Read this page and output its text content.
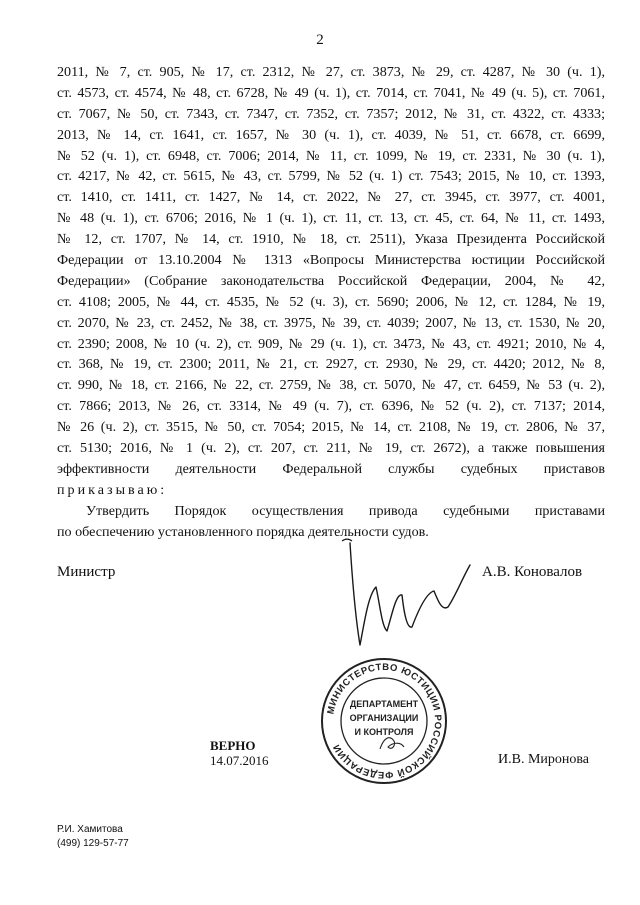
2
2011, № 7, ст. 905, № 17, ст. 2312, № 27, ст. 3873, № 29, ст. 4287, № 30 (ч. 1),
ст. 4573, ст. 4574, № 48, ст. 6728, № 49 (ч. 1), ст. 7014, ст. 7041, № 49 (ч. 5), ст. 7061,
ст. 7067, № 50, ст. 7343, ст. 7347, ст. 7352, ст. 7357; 2012, № 31, ст. 4322, ст. 4333;
2013, № 14, ст. 1641, ст. 1657, № 30 (ч. 1), ст. 4039, № 51, ст. 6678, ст. 6699,
№ 52 (ч. 1), ст. 6948, ст. 7006; 2014, № 11, ст. 1099, № 19, ст. 2331, № 30 (ч. 1),
ст. 4217, № 42, ст. 5615, № 43, ст. 5799, № 52 (ч. 1) ст. 7543; 2015, № 10, ст. 1393,
ст. 1410, ст. 1411, ст. 1427, № 14, ст. 2022, № 27, ст. 3945, ст. 3977, ст. 4001,
№ 48 (ч. 1), ст. 6706; 2016, № 1 (ч. 1), ст. 11, ст. 13, ст. 45, ст. 64, № 11, ст. 1493,
№ 12, ст. 1707, № 14, ст. 1910, № 18, ст. 2511), Указа Президента Российской
Федерации от 13.10.2004 № 1313 «Вопросы Министерства юстиции Российской
Федерации» (Собрание законодательства Российской Федерации, 2004, № 42,
ст. 4108; 2005, № 44, ст. 4535, № 52 (ч. 3), ст. 5690; 2006, № 12, ст. 1284, № 19,
ст. 2070, № 23, ст. 2452, № 38, ст. 3975, № 39, ст. 4039; 2007, № 13, ст. 1530, № 20,
ст. 2390; 2008, № 10 (ч. 2), ст. 909, № 29 (ч. 1), ст. 3473, № 43, ст. 4921; 2010, № 4,
ст. 368, № 19, ст. 2300; 2011, № 21, ст. 2927, ст. 2930, № 29, ст. 4420; 2012, № 8,
ст. 990, № 18, ст. 2166, № 22, ст. 2759, № 38, ст. 5070, № 47, ст. 6459, № 53 (ч. 2),
ст. 7866; 2013, № 26, ст. 3314, № 49 (ч. 7), ст. 6396, № 52 (ч. 2), ст. 7137; 2014,
№ 26 (ч. 2), ст. 3515, № 50, ст. 7054; 2015, № 14, ст. 2108, № 19, ст. 2806, № 37,
ст. 5130; 2016, № 1 (ч. 2), ст. 207, ст. 211, № 19, ст. 2672), а также повышения
эффективности деятельности Федеральной службы судебных приставов
приказываю:
Утвердить Порядок осуществления привода судебными приставами
по обеспечению установленного порядка деятельности судов.
Министр	А.В. Коновалов
МИНИСТЕРСТВО ЮСТИЦИИ РОССИЙСКОЙ ФЕДЕРАЦИИ
ДЕПАРТАМЕНТ
ОРГАНИЗАЦИИ
И КОНТРОЛЯ
ВЕРНО
14.07.2016	И.В. Миронова
Р.И. Хамитова
(499) 129-57-77
